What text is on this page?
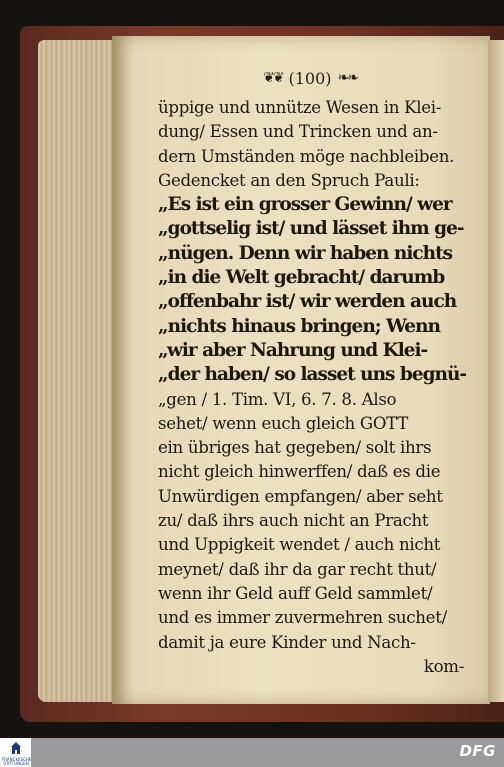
❦❦ (100) ❧❧
üppige und unnütze Wesen in Klei-
dung/ Essen und Trincken und an-
dern Umständen möge nachbleiben.
Gedencket an den Spruch Pauli:
„Es ist ein grosser Gewinn/ wer
„gottselig ist/ und lässet ihm ge-
„nügen. Denn wir haben nichts
„in die Welt gebracht/ darumb
„offenbahr ist/ wir werden auch
„nichts hinaus bringen; Wenn
„wir aber Nahrung und Klei-
„der haben/ so lasset uns begnü-
„gen / 1. Tim. VI, 6. 7. 8. Also
sehet/ wenn euch gleich GOTT
ein übriges hat gegeben/ solt ihrs
nicht gleich hinwerffen/ daß es die
Unwürdigen empfangen/ aber seht
zu/ daß ihrs auch nicht an Pracht
und Uppigkeit wendet / auch nicht
meynet/ daß ihr da gar recht thut/
wenn ihr Geld auff Geld sammlet/
und es immer zuvermehren suchet/
damit ja eure Kinder und Nach-
kom-
FRANCKESCHE STIFTUNGEN
DFG
